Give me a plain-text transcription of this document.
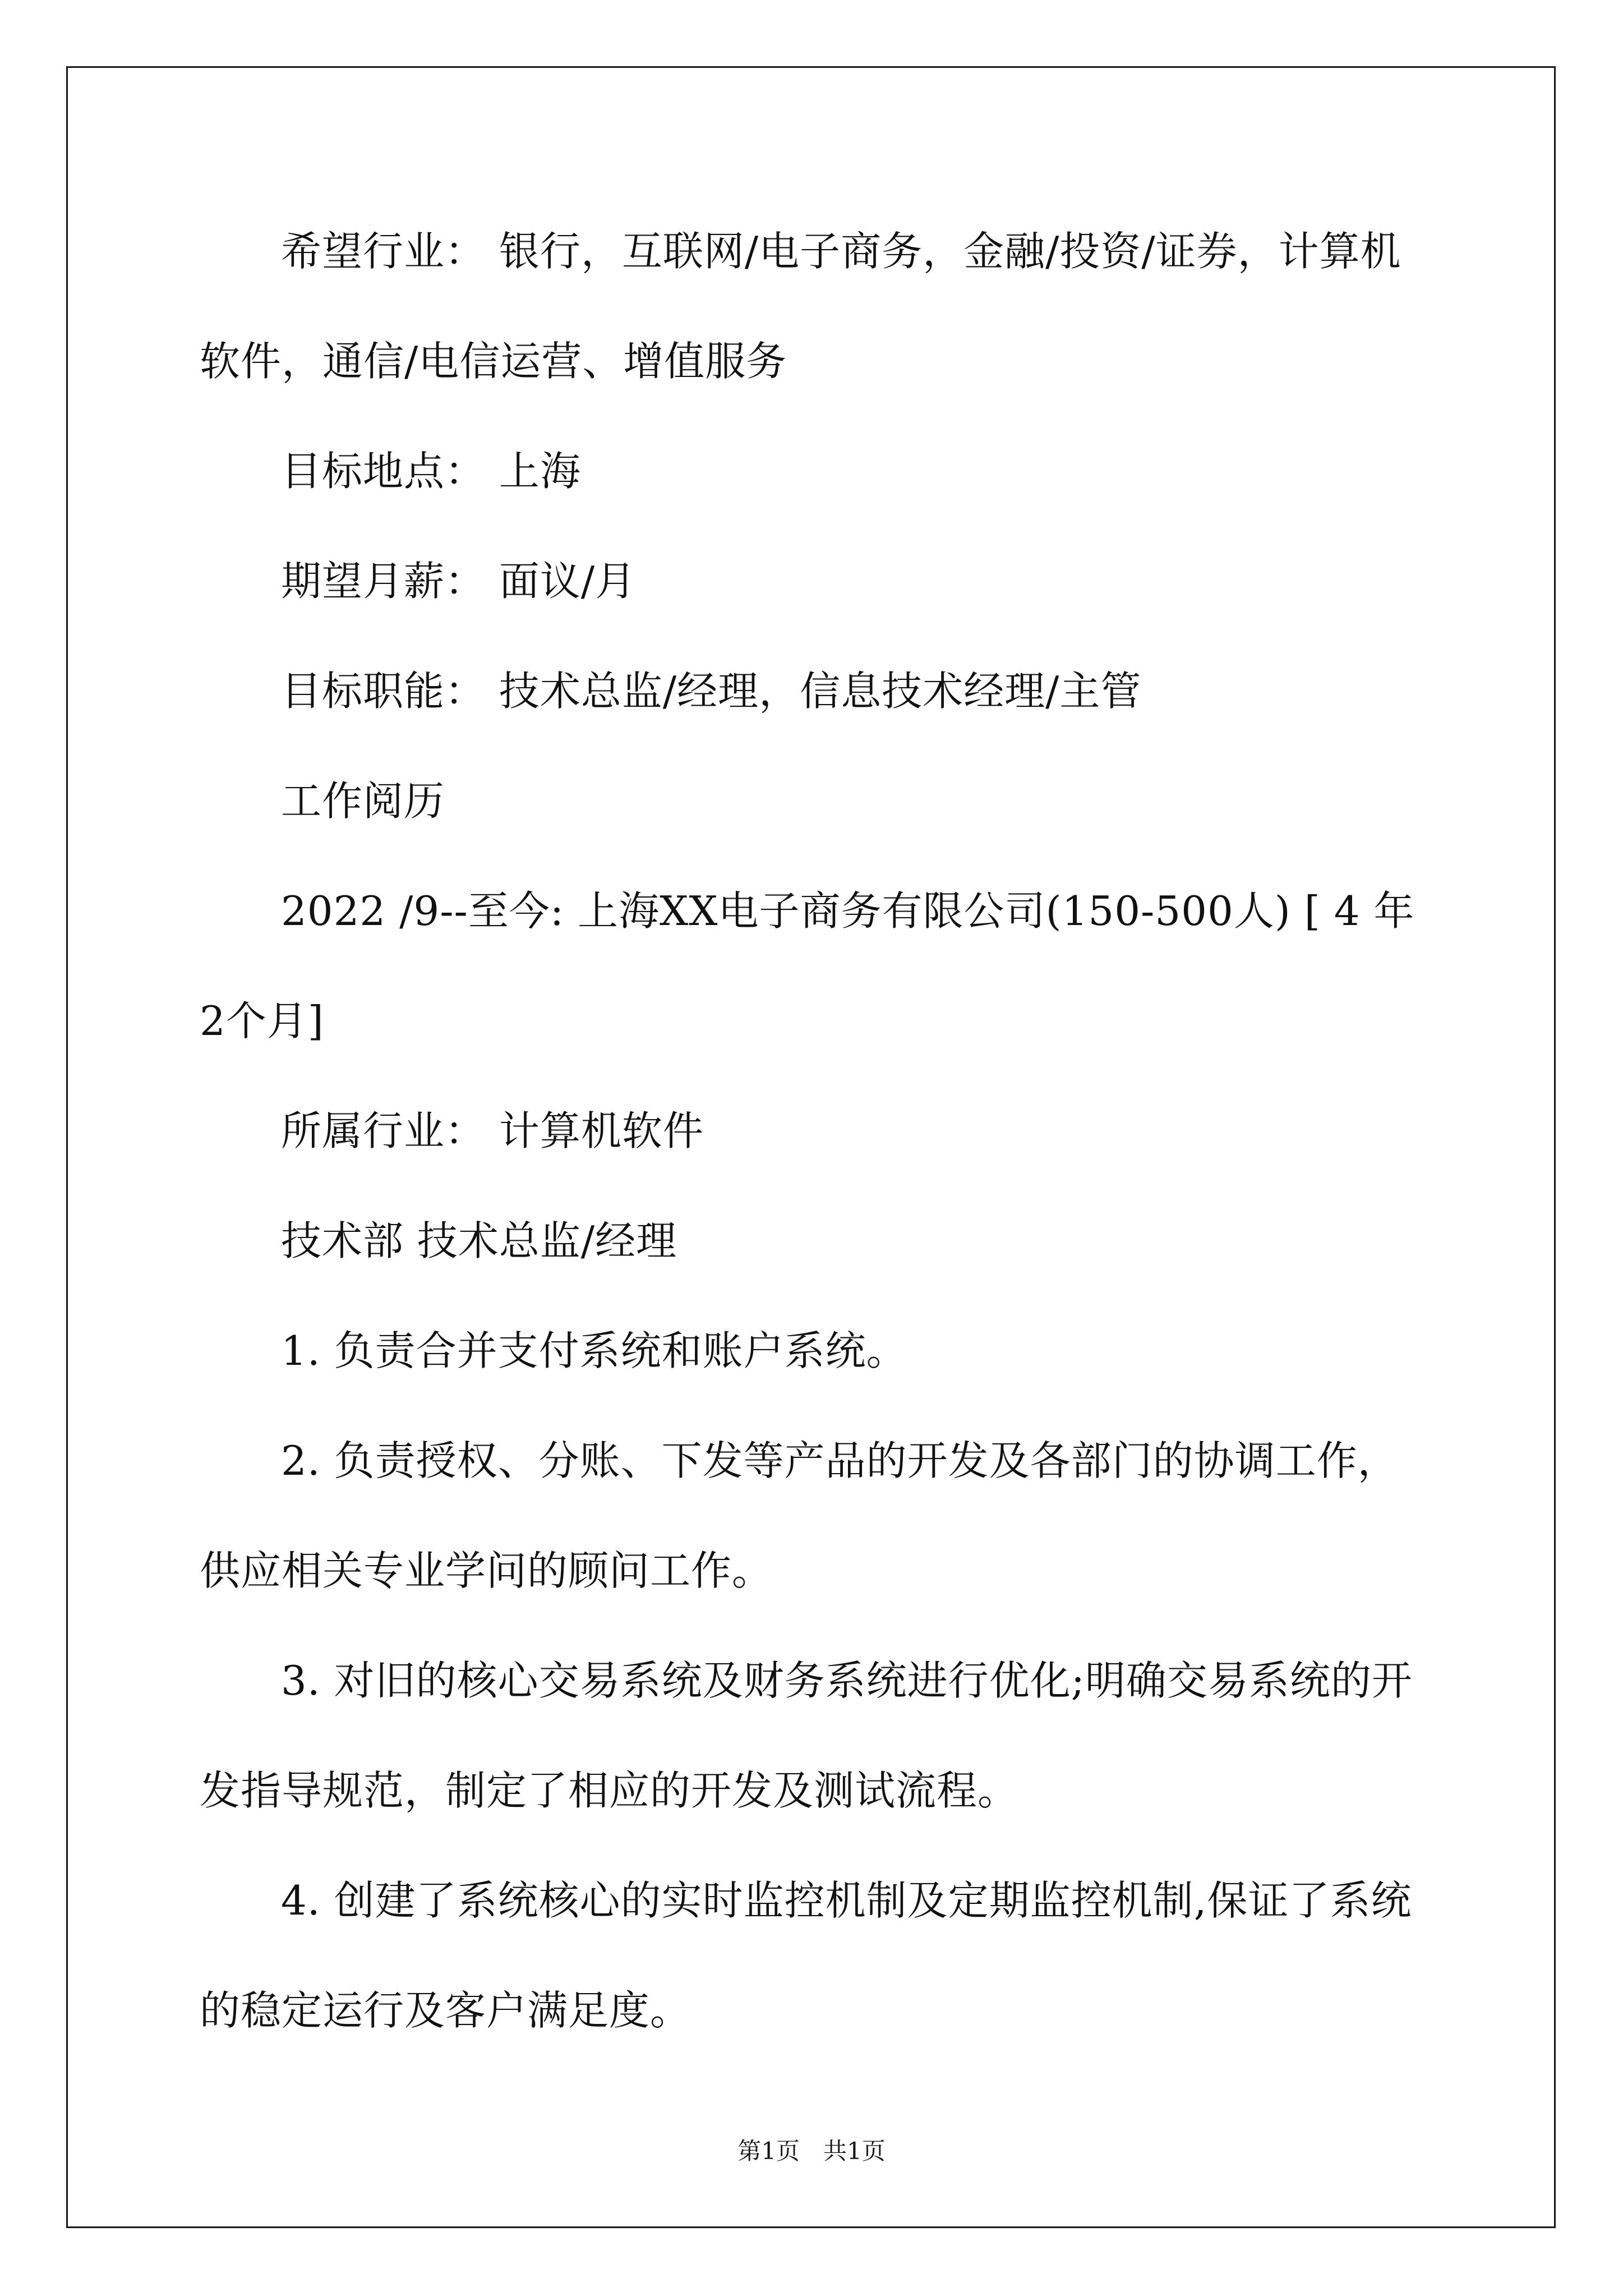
希望行业： 银行，互联网/电子商务，金融/投资/证券，计算机软件，通信/电信运营、增值服务

目标地点： 上海

期望月薪： 面议/月

目标职能： 技术总监/经理，信息技术经理/主管

工作阅历

2022 /9--至今: 上海XX电子商务有限公司(150-500人) [ 4 年2个月]

所属行业： 计算机软件

技术部 技术总监/经理

1. 负责合并支付系统和账户系统。

2. 负责授权、分账、下发等产品的开发及各部门的协调工作，供应相关专业学问的顾问工作。

3. 对旧的核心交易系统及财务系统进行优化;明确交易系统的开发指导规范，制定了相应的开发及测试流程。

4. 创建了系统核心的实时监控机制及定期监控机制,保证了系统的稳定运行及客户满足度。

第1页　共1页
